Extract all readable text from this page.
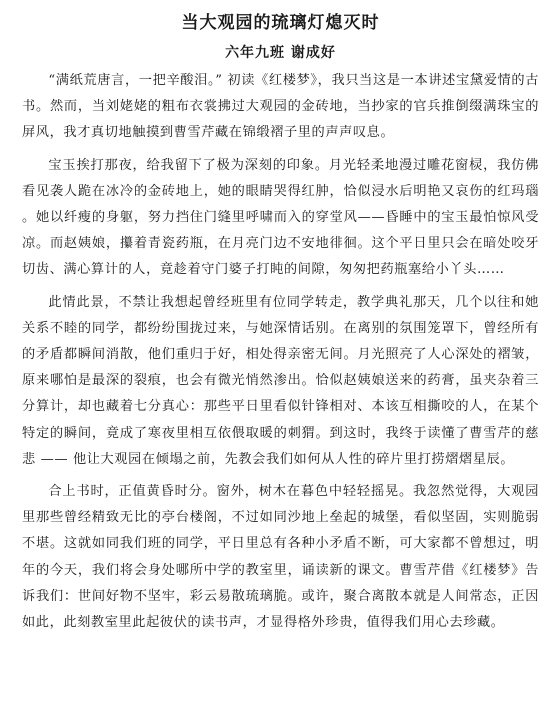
当大观园的琉璃灯熄灭时
六年九班 谢成好

“满纸荒唐言，一把辛酸泪。” 初读《红楼梦》，我只当这是一本讲述宝黛爱情的古书。然而，当刘姥姥的粗布衣裳拂过大观园的金砖地，当抄家的官兵推倒缀满珠宝的屏风，我才真切地触摸到曹雪芹藏在锦缎褶子里的声声叹息。

宝玉挨打那夜，给我留下了极为深刻的印象。月光轻柔地漫过雕花窗棂，我仿佛看见袭人跪在冰冷的金砖地上，她的眼睛哭得红肿，恰似浸水后明艳又哀伤的红玛瑙 。她以纤瘦的身躯，努力挡住门缝里呼啸而入的穿堂风——昏睡中的宝玉最怕惊风受凉。而赵姨娘，攥着青瓷药瓶，在月亮门边不安地徘徊。这个平日里只会在暗处咬牙切齿、满心算计的人，竟趁着守门婆子打盹的间隙，匆匆把药瓶塞给小丫头……

此情此景，不禁让我想起曾经班里有位同学转走，教学典礼那天，几个以往和她关系不睦的同学，都纷纷围拢过来，与她深情话别。在离别的氛围笼罩下，曾经所有的矛盾都瞬间消散，他们重归于好，相处得亲密无间。月光照亮了人心深处的褶皱，原来哪怕是最深的裂痕，也会有微光悄然渗出。恰似赵姨娘送来的药膏，虽夹杂着三分算计，却也藏着七分真心：那些平日里看似针锋相对、本该互相撕咬的人，在某个特定的瞬间，竟成了寒夜里相互依偎取暖的刺猬。到这时，我终于读懂了曹雪芹的慈悲 —— 他让大观园在倾塌之前，先教会我们如何从人性的碎片里打捞熠熠星辰。

合上书时，正值黄昏时分。窗外，树木在暮色中轻轻摇晃。我忽然觉得，大观园里那些曾经精致无比的亭台楼阁，不过如同沙地上垒起的城堡，看似坚固，实则脆弱不堪。这就如同我们班的同学，平日里总有各种小矛盾不断，可大家都不曾想过，明年的今天，我们将会身处哪所中学的教室里，诵读新的课文。曹雪芹借《红楼梦》告诉我们：世间好物不坚牢，彩云易散琉璃脆。或许，聚合离散本就是人间常态，正因如此，此刻教室里此起彼伏的读书声，才显得格外珍贵，值得我们用心去珍藏。
